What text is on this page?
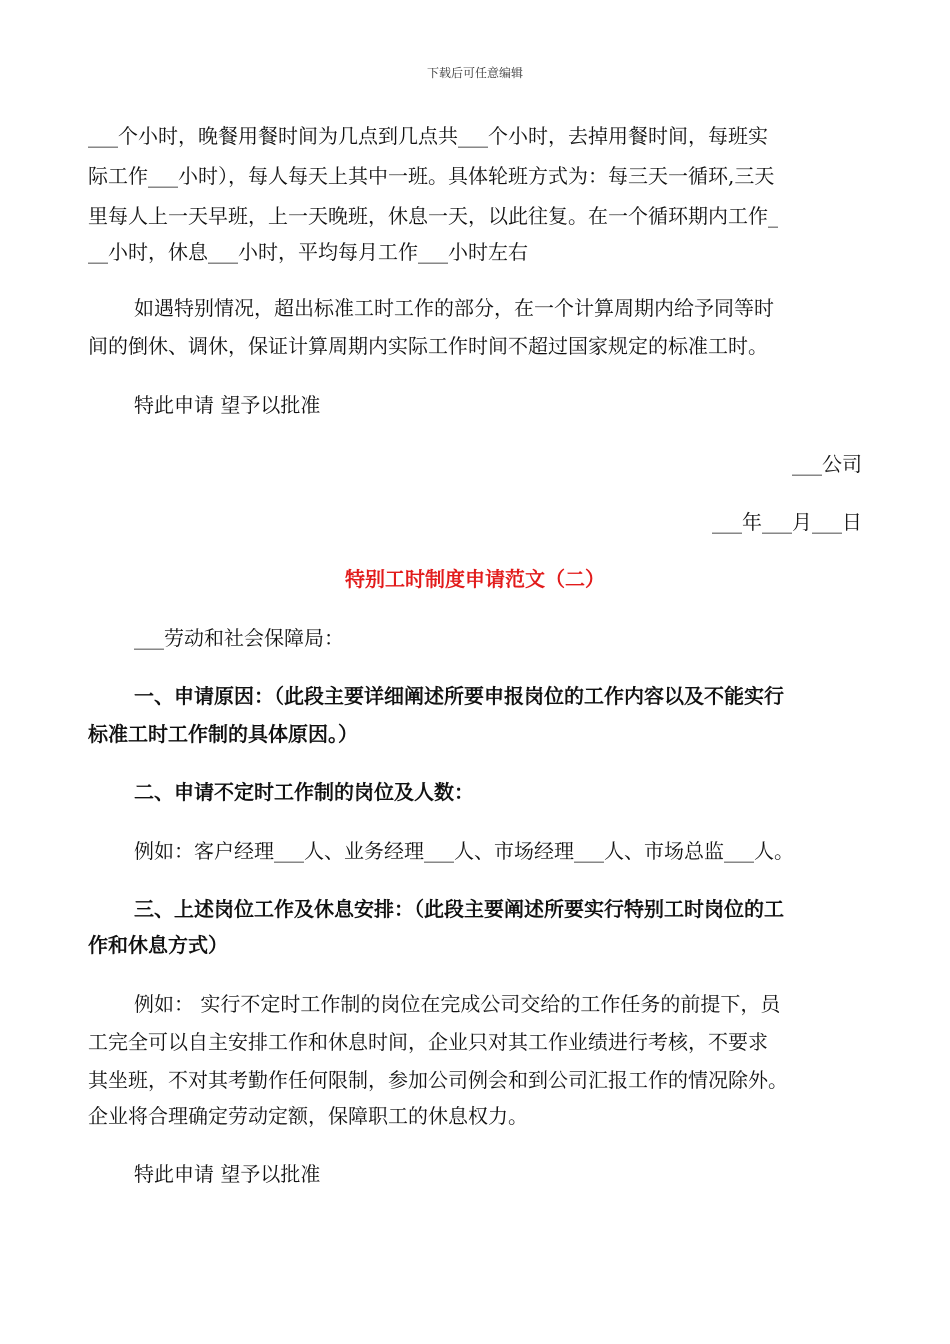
下载后可任意编辑
___个小时，晚餐用餐时间为几点到几点共___个小时，去掉用餐时间，每班实
际工作___小时），每人每天上其中一班。具体轮班方式为：每三天一循环,三天
里每人上一天早班，上一天晚班，休息一天，以此往复。在一个循环期内工作_
__小时，休息___小时，平均每月工作___小时左右
如遇特别情况，超出标准工时工作的部分，在一个计算周期内给予同等时
间的倒休、调休，保证计算周期内实际工作时间不超过国家规定的标准工时。
特此申请 望予以批准
___公司
___年___月___日
特别工时制度申请范文（二）
___劳动和社会保障局：
一、申请原因：（此段主要详细阐述所要申报岗位的工作内容以及不能实行
标准工时工作制的具体原因。）
二、申请不定时工作制的岗位及人数：
例如：客户经理___人、业务经理___人、市场经理___人、市场总监___人。
三、上述岗位工作及休息安排：（此段主要阐述所要实行特别工时岗位的工
作和休息方式）
例如： 实行不定时工作制的岗位在完成公司交给的工作任务的前提下，员
工完全可以自主安排工作和休息时间，企业只对其工作业绩进行考核，不要求
其坐班，不对其考勤作任何限制，参加公司例会和到公司汇报工作的情况除外。
企业将合理确定劳动定额，保障职工的休息权力。
特此申请 望予以批准
